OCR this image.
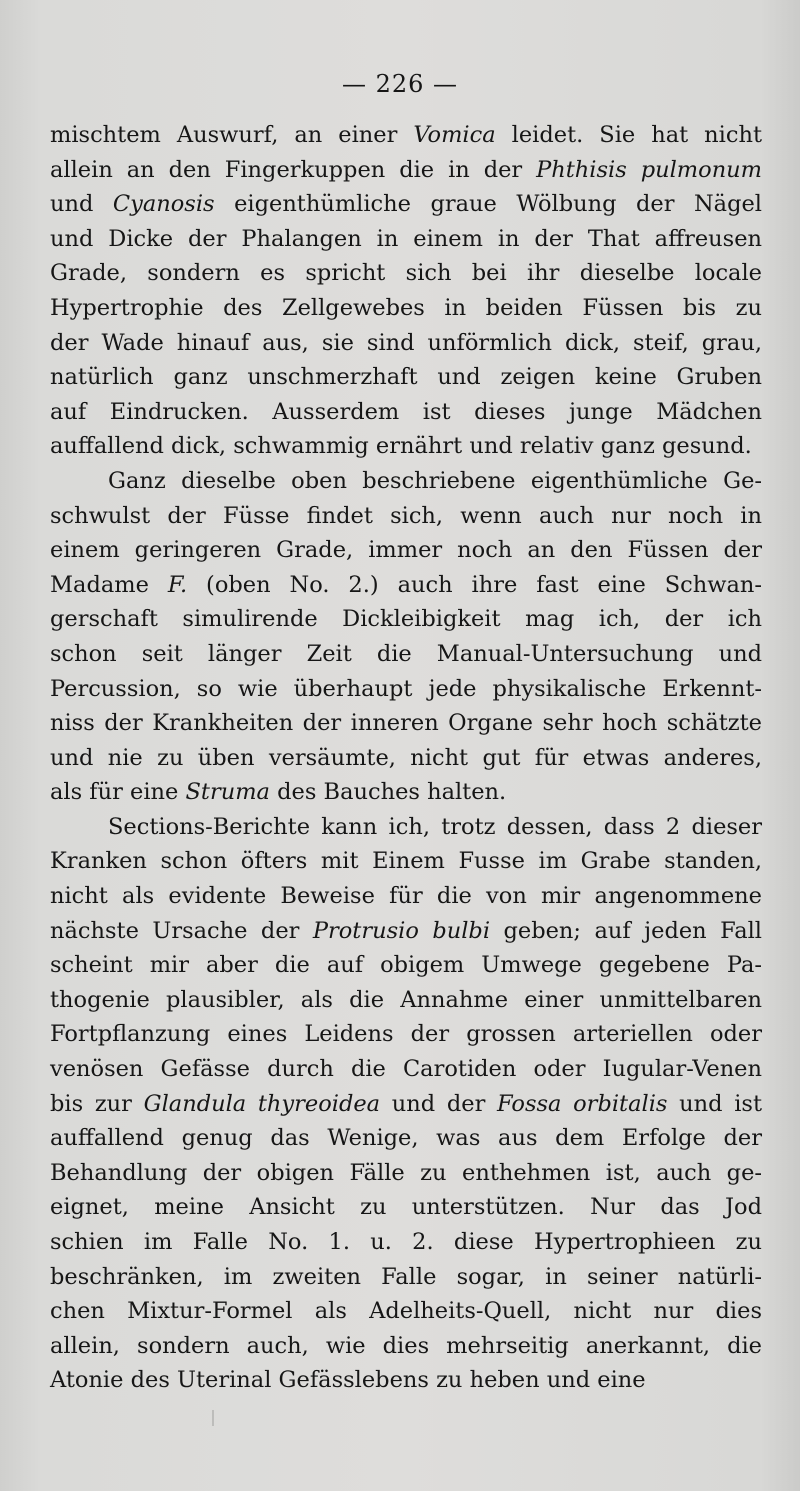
— 226 —
mischtem Auswurf, an einer Vomica leidet. Sie hat nicht
allein an den Fingerkuppen die in der Phthisis pulmonum
und Cyanosis eigenthümliche graue Wölbung der Nägel
und Dicke der Phalangen in einem in der That affreusen
Grade, sondern es spricht sich bei ihr dieselbe locale
Hypertrophie des Zellgewebes in beiden Füssen bis zu
der Wade hinauf aus, sie sind unförmlich dick, steif, grau,
natürlich ganz unschmerzhaft und zeigen keine Gruben
auf Eindrucken. Ausserdem ist dieses junge Mädchen
auffallend dick, schwammig ernährt und relativ ganz gesund.
Ganz dieselbe oben beschriebene eigenthümliche Ge-
schwulst der Füsse findet sich, wenn auch nur noch in
einem geringeren Grade, immer noch an den Füssen der
Madame F. (oben No. 2.) auch ihre fast eine Schwan-
gerschaft simulirende Dickleibigkeit mag ich, der ich
schon seit länger Zeit die Manual-Untersuchung und
Percussion, so wie überhaupt jede physikalische Erkennt-
niss der Krankheiten der inneren Organe sehr hoch schätzte
und nie zu üben versäumte, nicht gut für etwas anderes,
als für eine Struma des Bauches halten.
Sections-Berichte kann ich, trotz dessen, dass 2 dieser
Kranken schon öfters mit Einem Fusse im Grabe standen,
nicht als evidente Beweise für die von mir angenommene
nächste Ursache der Protrusio bulbi geben; auf jeden Fall
scheint mir aber die auf obigem Umwege gegebene Pa-
thogenie plausibler, als die Annahme einer unmittelbaren
Fortpflanzung eines Leidens der grossen arteriellen oder
venösen Gefässe durch die Carotiden oder Iugular-Venen
bis zur Glandula thyreoidea und der Fossa orbitalis und ist
auffallend genug das Wenige, was aus dem Erfolge der
Behandlung der obigen Fälle zu enthehmen ist, auch ge-
eignet, meine Ansicht zu unterstützen. Nur das Jod
schien im Falle No. 1. u. 2. diese Hypertrophieen zu
beschränken, im zweiten Falle sogar, in seiner natürli-
chen Mixtur-Formel als Adelheits-Quell, nicht nur dies
allein, sondern auch, wie dies mehrseitig anerkannt, die
Atonie des Uterinal Gefässlebens zu heben und eine
